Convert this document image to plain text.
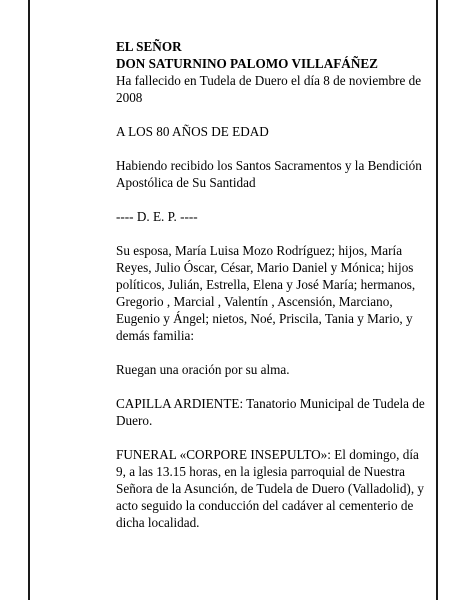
EL SEÑOR

DON SATURNINO PALOMO VILLAFÁÑEZ

Ha fallecido en Tudela de Duero el día 8 de noviembre de 2008

A LOS 80 AÑOS DE EDAD

Habiendo recibido los Santos Sacramentos y la Bendición Apostólica de Su Santidad

---- D. E. P. ----

Su esposa, María Luisa Mozo Rodríguez; hijos, María Reyes, Julio Óscar, César, Mario Daniel y Mónica; hijos políticos, Julián, Estrella, Elena y José María; hermanos, Gregorio , Marcial , Valentín , Ascensión, Marciano, Eugenio y Ángel; nietos, Noé, Priscila, Tania y Mario, y demás familia:

Ruegan una oración por su alma.

CAPILLA ARDIENTE: Tanatorio Municipal de Tudela de Duero.

FUNERAL «CORPORE INSEPULTO»: El domingo, día 9, a las 13.15 horas, en la iglesia parroquial de Nuestra Señora de la Asunción, de Tudela de Duero (Valladolid), y acto seguido la conducción del cadáver al cementerio de dicha localidad.
